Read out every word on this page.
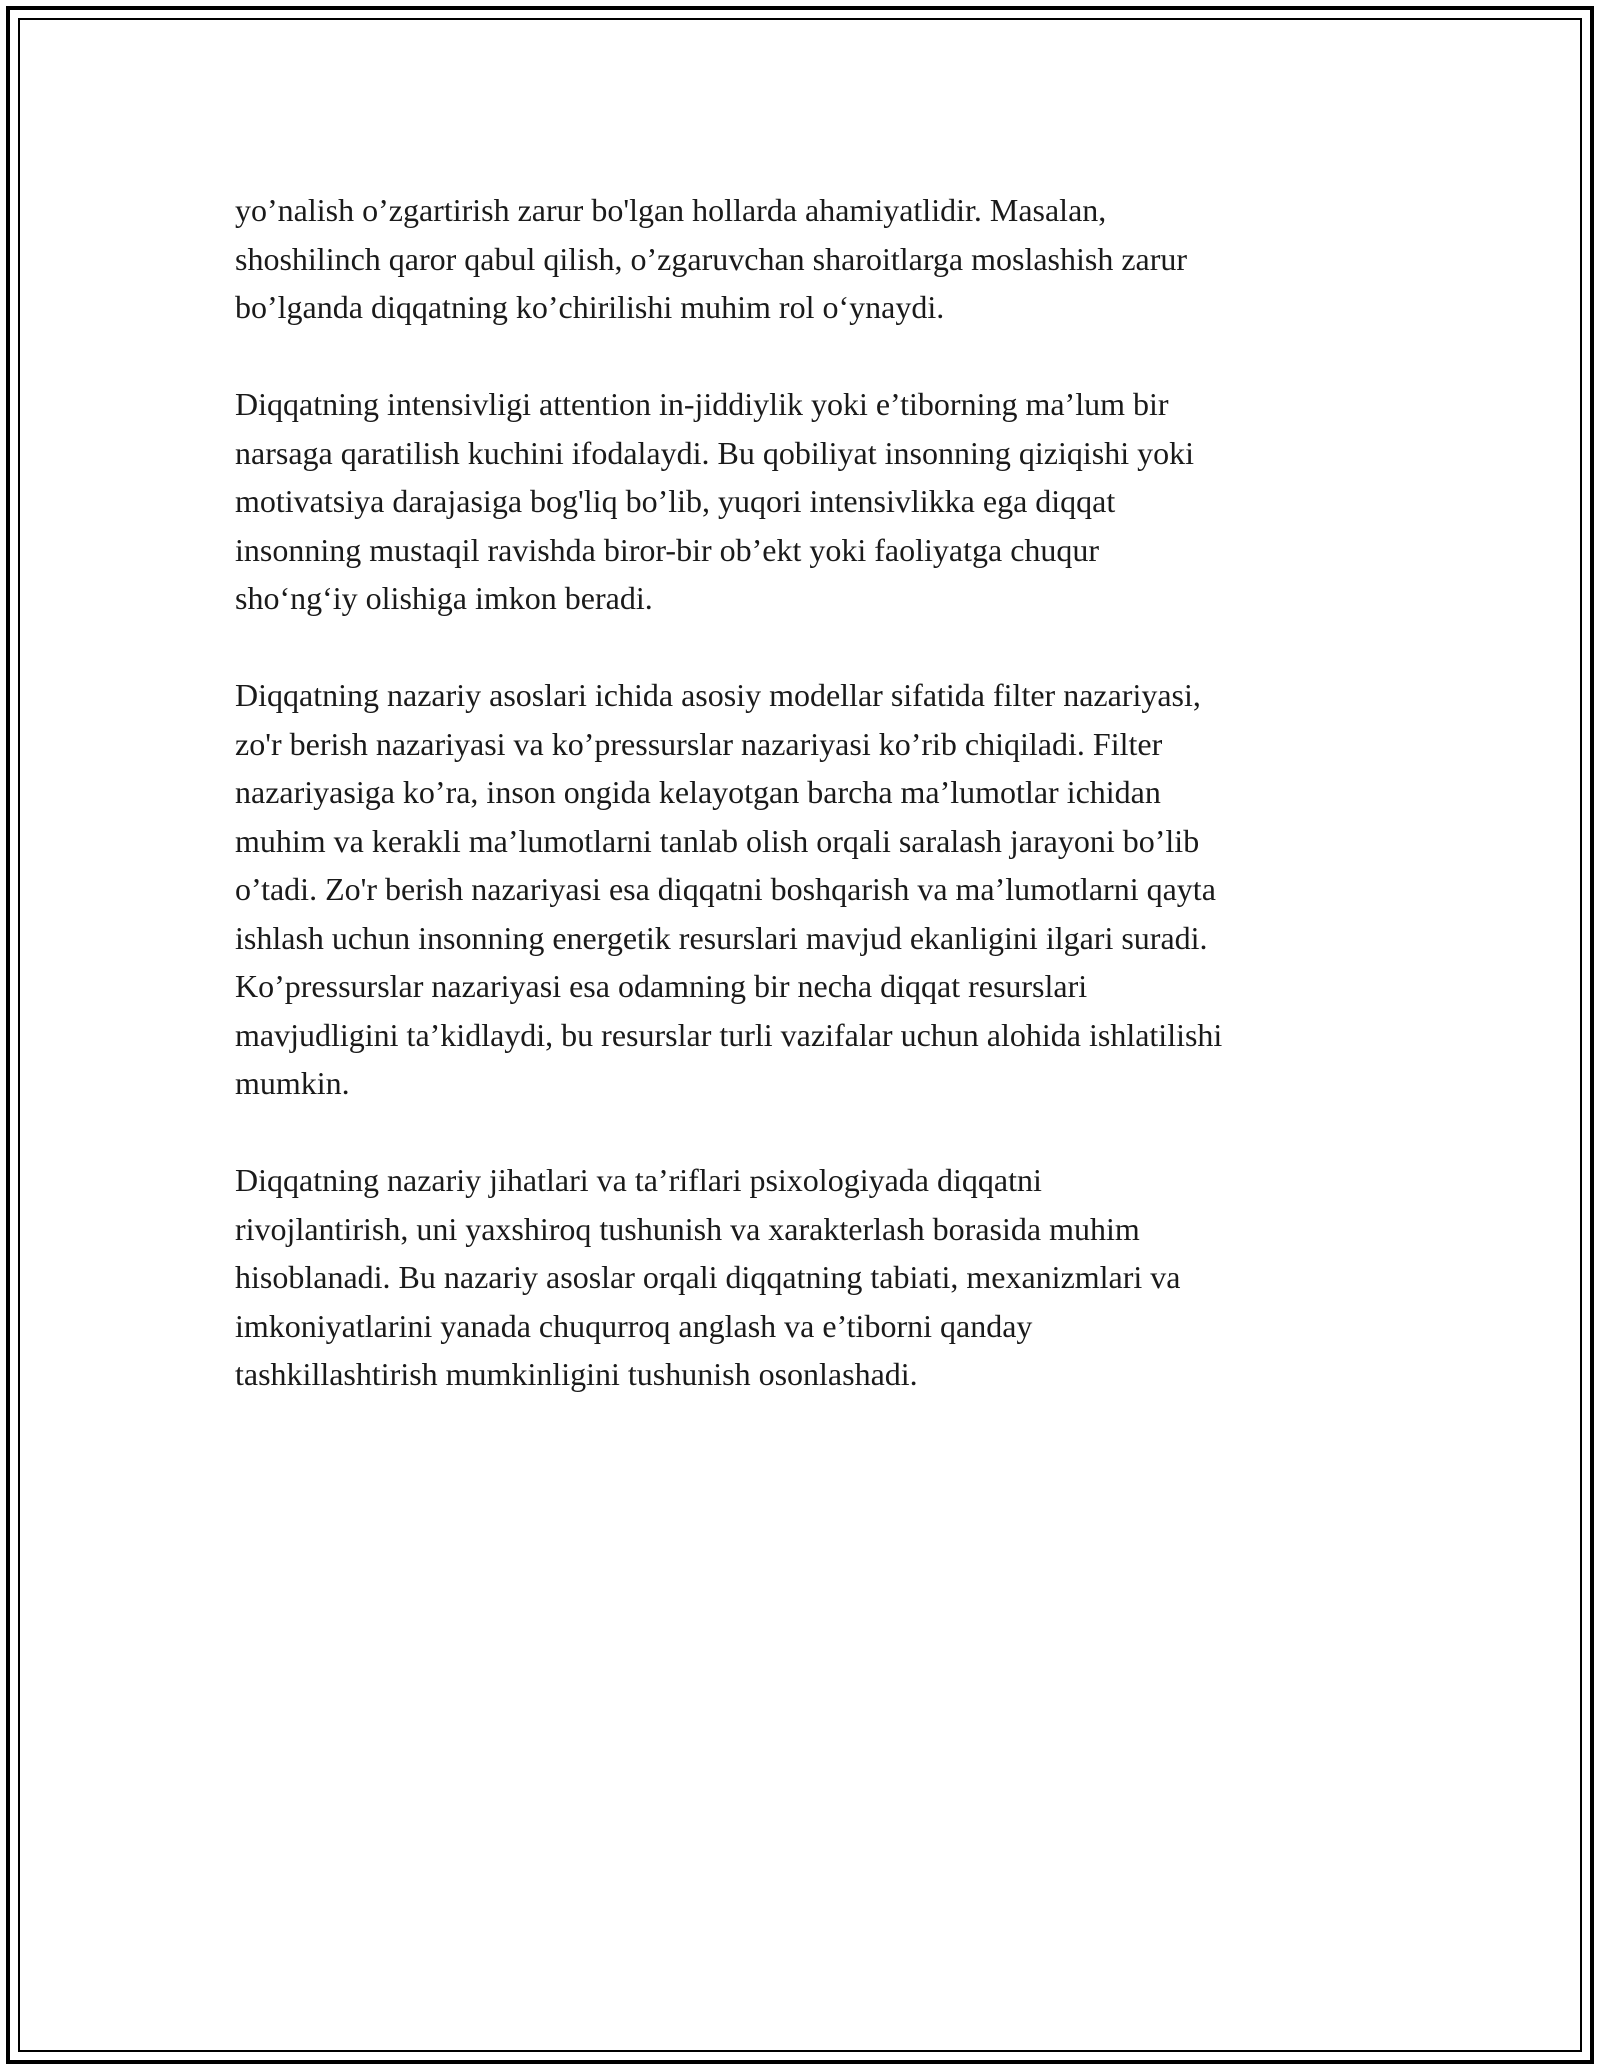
yo’nalish o’zgartirish zarur bo'lgan hollarda ahamiyatlidir. Masalan,
shoshilinch qaror qabul qilish, o’zgaruvchan sharoitlarga moslashish zarur
bo’lganda diqqatning ko’chirilishi muhim rol o‘ynaydi.

Diqqatning intensivligi attention in-jiddiylik yoki e’tiborning ma’lum bir
narsaga qaratilish kuchini ifodalaydi. Bu qobiliyat insonning qiziqishi yoki
motivatsiya darajasiga bog'liq bo’lib, yuqori intensivlikka ega diqqat
insonning mustaqil ravishda biror-bir ob’ekt yoki faoliyatga chuqur
sho‘ng‘iy olishiga imkon beradi.

Diqqatning nazariy asoslari ichida asosiy modellar sifatida filter nazariyasi,
zo'r berish nazariyasi va ko’pressurslar nazariyasi ko’rib chiqiladi. Filter
nazariyasiga ko’ra, inson ongida kelayotgan barcha ma’lumotlar ichidan
muhim va kerakli ma’lumotlarni tanlab olish orqali saralash jarayoni bo’lib
o’tadi. Zo'r berish nazariyasi esa diqqatni boshqarish va ma’lumotlarni qayta
ishlash uchun insonning energetik resurslari mavjud ekanligini ilgari suradi.
Ko’pressurslar nazariyasi esa odamning bir necha diqqat resurslari
mavjudligini ta’kidlaydi, bu resurslar turli vazifalar uchun alohida ishlatilishi
mumkin.

Diqqatning nazariy jihatlari va ta’riflari psixologiyada diqqatni
rivojlantirish, uni yaxshiroq tushunish va xarakterlash borasida muhim
hisoblanadi. Bu nazariy asoslar orqali diqqatning tabiati, mexanizmlari va
imkoniyatlarini yanada chuqurroq anglash va e’tiborni qanday
tashkillashtirish mumkinligini tushunish osonlashadi.
